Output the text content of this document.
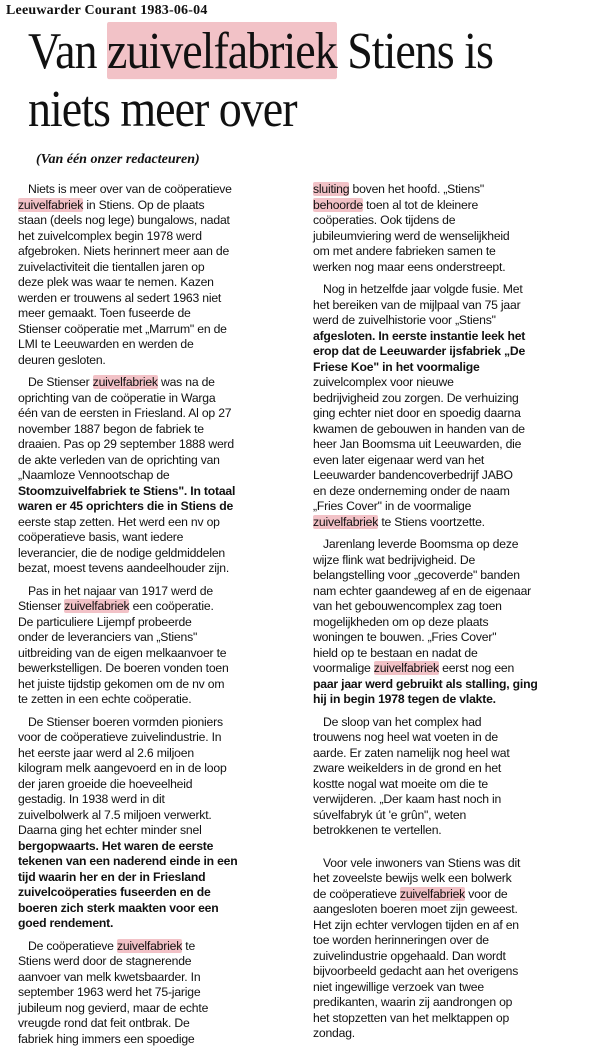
Leeuwarder Courant 1983-06-04
Van zuivelfabriek Stiens is
niets meer over
(Van één onzer redacteuren)
Niets is meer over van de coöperatieve
zuivelfabriek in Stiens. Op de plaats
staan (deels nog lege) bungalows, nadat
het zuivelcomplex begin 1978 werd
afgebroken. Niets herinnert meer aan de
zuivelactiviteit die tientallen jaren op
deze plek was waar te nemen. Kazen
werden er trouwens al sedert 1963 niet
meer gemaakt. Toen fuseerde de
Stienser coöperatie met „Marrum" en de
LMI te Leeuwarden en werden de
deuren gesloten.
De Stienser zuivelfabriek was na de
oprichting van de coöperatie in Warga
één van de eersten in Friesland. Al op 27
november 1887 begon de fabriek te
draaien. Pas op 29 september 1888 werd
de akte verleden van de oprichting van
„Naamloze Vennootschap de
Stoomzuivelfabriek te Stiens". In totaal
waren er 45 oprichters die in Stiens de
eerste stap zetten. Het werd een nv op
coöperatieve basis, want iedere
leverancier, die de nodige geldmiddelen
bezat, moest tevens aandeelhouder zijn.
Pas in het najaar van 1917 werd de
Stienser zuivelfabriek een coöperatie.
De particuliere Lijempf probeerde
onder de leveranciers van „Stiens"
uitbreiding van de eigen melkaanvoer te
bewerkstelligen. De boeren vonden toen
het juiste tijdstip gekomen om de nv om
te zetten in een echte coöperatie.
De Stienser boeren vormden pioniers
voor de coöperatieve zuivelindustrie. In
het eerste jaar werd al 2.6 miljoen
kilogram melk aangevoerd en in de loop
der jaren groeide die hoeveelheid
gestadig. In 1938 werd in dit
zuivelbolwerk al 7.5 miljoen verwerkt.
Daarna ging het echter minder snel
bergopwaarts. Het waren de eerste
tekenen van een naderend einde in een
tijd waarin her en der in Friesland
zuivelcoöperaties fuseerden en de
boeren zich sterk maakten voor een
goed rendement.
De coöperatieve zuivelfabriek te
Stiens werd door de stagnerende
aanvoer van melk kwetsbaarder. In
september 1963 werd het 75-jarige
jubileum nog gevierd, maar de echte
vreugde rond dat feit ontbrak. De
fabriek hing immers een spoedige
sluiting boven het hoofd. „Stiens"
behoorde toen al tot de kleinere
coöperaties. Ook tijdens de
jubileumviering werd de wenselijkheid
om met andere fabrieken samen te
werken nog maar eens onderstreept.
Nog in hetzelfde jaar volgde fusie. Met
het bereiken van de mijlpaal van 75 jaar
werd de zuivelhistorie voor „Stiens"
afgesloten. In eerste instantie leek het
erop dat de Leeuwarder ijsfabriek „De
Friese Koe" in het voormalige
zuivelcomplex voor nieuwe
bedrijvigheid zou zorgen. De verhuizing
ging echter niet door en spoedig daarna
kwamen de gebouwen in handen van de
heer Jan Boomsma uit Leeuwarden, die
even later eigenaar werd van het
Leeuwarder bandencoverbedrijf JABO
en deze onderneming onder de naam
„Fries Cover" in de voormalige
zuivelfabriek te Stiens voortzette.
Jarenlang leverde Boomsma op deze
wijze flink wat bedrijvigheid. De
belangstelling voor „gecoverde" banden
nam echter gaandeweg af en de eigenaar
van het gebouwencomplex zag toen
mogelijkheden om op deze plaats
woningen te bouwen. „Fries Cover"
hield op te bestaan en nadat de
voormalige zuivelfabriek eerst nog een
paar jaar werd gebruikt als stalling, ging
hij in begin 1978 tegen de vlakte.
De sloop van het complex had
trouwens nog heel wat voeten in de
aarde. Er zaten namelijk nog heel wat
zware weikelders in de grond en het
kostte nogal wat moeite om die te
verwijderen. „Der kaam hast noch in
súvelfabryk út 'e grûn", weten
betrokkenen te vertellen.
Voor vele inwoners van Stiens was dit
het zoveelste bewijs welk een bolwerk
de coöperatieve zuivelfabriek voor de
aangesloten boeren moet zijn geweest.
Het zijn echter vervlogen tijden en af en
toe worden herinneringen over de
zuivelindustrie opgehaald. Dan wordt
bijvoorbeeld gedacht aan het overigens
niet ingewillige verzoek van twee
predikanten, waarin zij aandrongen op
het stopzetten van het melktappen op
zondag.
